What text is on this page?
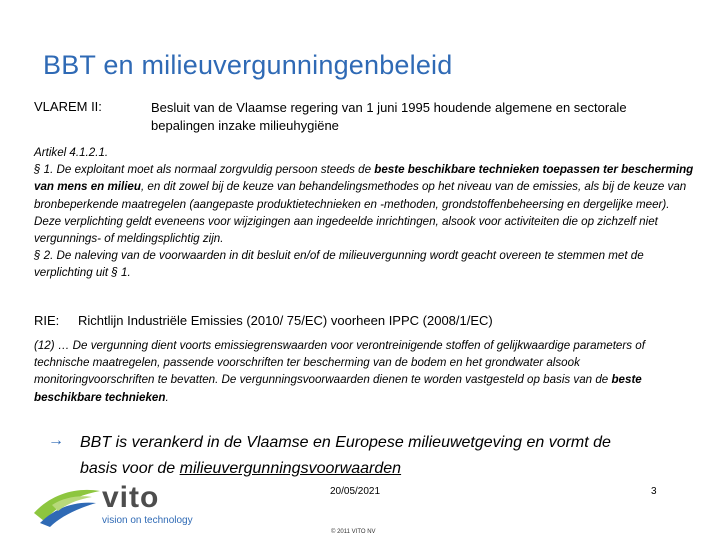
BBT en milieuvergunningenbeleid
VLAREM II:	Besluit van de Vlaamse regering van 1 juni 1995 houdende algemene en sectorale bepalingen inzake milieuhygiëne
Artikel 4.1.2.1.
§ 1. De exploitant moet als normaal zorgvuldig persoon steeds de beste beschikbare technieken toepassen ter bescherming van mens en milieu, en dit zowel bij de keuze van behandelingsmethodes op het niveau van de emissies, als bij de keuze van bronbeperkende maatregelen (aangepaste produktietechnieken en -methoden, grondstoffenbeheersing en dergelijke meer). Deze verplichting geldt eveneens voor wijzigingen aan ingedeelde inrichtingen, alsook voor activiteiten die op zichzelf niet vergunnings- of meldingsplichtig zijn.
§ 2. De naleving van de voorwaarden in dit besluit en/of de milieuvergunning wordt geacht overeen te stemmen met de verplichting uit § 1.
RIE: Richtlijn Industriële Emissies (2010/ 75/EC) voorheen IPPC (2008/1/EC)
(12) … De vergunning dient voorts emissiegrenswaarden voor verontreinigende stoffen of gelijkwaardige parameters of technische maatregelen, passende voorschriften ter bescherming van de bodem en het grondwater alsook monitoringvoorschriften te bevatten. De vergunningsvoorwaarden dienen te worden vastgesteld op basis van de beste beschikbare technieken.
→ BBT is verankerd in de Vlaamse en Europese milieuwetgeving en vormt de basis voor de milieuvergunningsvoorwaarden
vito
vision on technology
20/05/2021
© 2011 VITO NV
3
